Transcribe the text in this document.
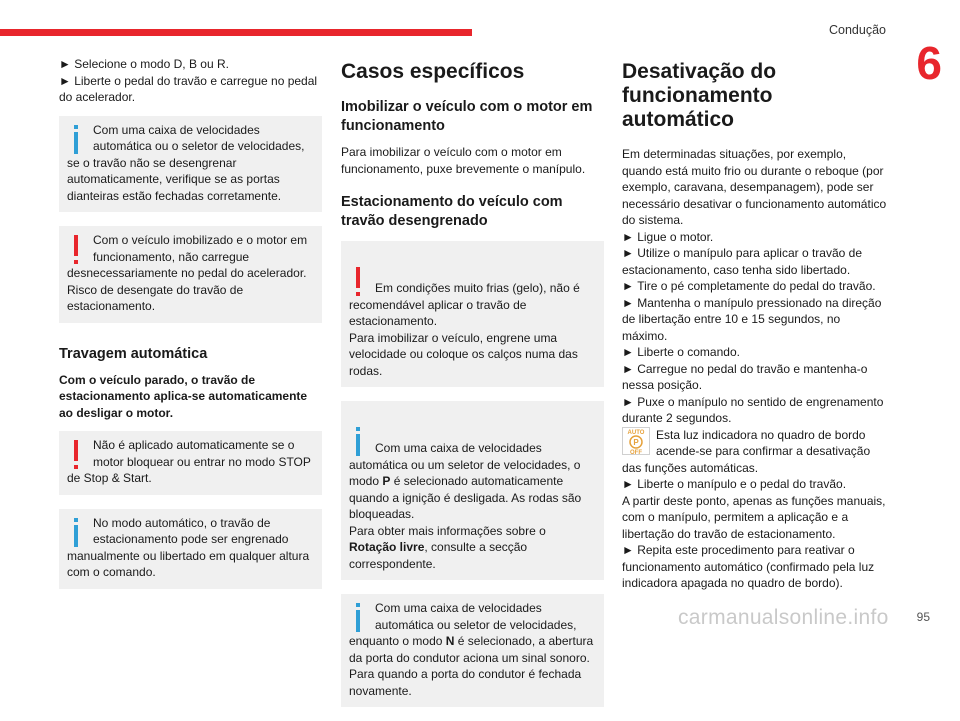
Condução
6

► Selecione o modo D, B ou R.

► Liberte o pedal do travão e carregue no pedal do acelerador.

Com uma caixa de velocidades automática ou o seletor de velocidades, se o travão não se desengrenar automaticamente, verifique se as portas dianteiras estão fechadas corretamente.
Com o veículo imobilizado e o motor em funcionamento, não carregue desnecessariamente no pedal do acelerador. Risco de desengate do travão de estacionamento.
Travagem automática
Com o veículo parado, o travão de estacionamento aplica-se automaticamente ao desligar o motor.
Não é aplicado automaticamente se o motor bloquear ou entrar no modo STOP de Stop & Start.
No modo automático, o travão de estacionamento pode ser engrenado manualmente ou libertado em qualquer altura com o comando.
Casos específicos
Imobilizar o veículo com o motor em funcionamento

Para imobilizar o veículo com o motor em funcionamento, puxe brevemente o manípulo.

Estacionamento do veículo com travão desengrenado

Em condições muito frias (gelo), não é recomendável aplicar o travão de estacionamento.
Para imobilizar o veículo, engrene uma velocidade ou coloque os calços numa das rodas.

Com uma caixa de velocidades automática ou um seletor de velocidades, o modo P é selecionado automaticamente quando a ignição é desligada. As rodas são bloqueadas.
Para obter mais informações sobre o Rotação livre, consulte a secção correspondente.

Com uma caixa de velocidades automática ou seletor de velocidades, enquanto o modo N é selecionado, a abertura da porta do condutor aciona um sinal sonoro. Para quando a porta do condutor é fechada novamente.
Desativação do funcionamento automático

Em determinadas situações, por exemplo, quando está muito frio ou durante o reboque (por exemplo, caravana, desempanagem), pode ser necessário desativar o funcionamento automático do sistema.

► Ligue o motor.

► Utilize o manípulo para aplicar o travão de estacionamento, caso tenha sido libertado.

► Tire o pé completamente do pedal do travão.

► Mantenha o manípulo pressionado na direção de libertação entre 10 e 15 segundos, no máximo.

► Liberte o comando.

► Carregue no pedal do travão e mantenha-o nessa posição.

► Puxe o manípulo no sentido de engrenamento durante 2 segundos.

AUTO
P
OFF
Esta luz indicadora no quadro de bordo acende-se para confirmar a desativação das funções automáticas.

► Liberte o manípulo e o pedal do travão.

A partir deste ponto, apenas as funções manuais, com o manípulo, permitem a aplicação e a libertação do travão de estacionamento.

► Repita este procedimento para reativar o funcionamento automático (confirmado pela luz indicadora apagada no quadro de bordo).

95
carmanualsonline.info
